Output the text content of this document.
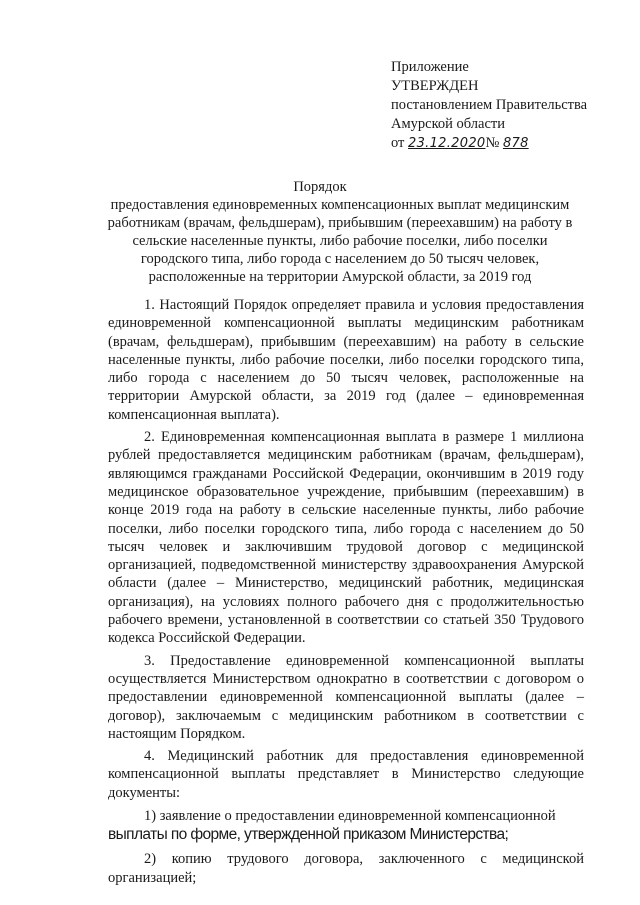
Приложение
УТВЕРЖДЕН
постановлением Правительства
Амурской области
от 23.12.2020№ 878
Порядок
предоставления единовременных компенсационных выплат медицинским работникам (врачам, фельдшерам), прибывшим (переехавшим) на работу в сельские населенные пункты, либо рабочие поселки, либо поселки городского типа, либо города с населением до 50 тысяч человек, расположенные на территории Амурской области, за 2019 год

1. Настоящий Порядок определяет правила и условия предоставления единовременной компенсационной выплаты медицинским работникам (врачам, фельдшерам), прибывшим (переехавшим) на работу в сельские населенные пункты, либо рабочие поселки, либо поселки городского типа, либо города с населением до 50 тысяч человек, расположенные на территории Амурской области, за 2019 год (далее – единовременная компенсационная выплата).

2. Единовременная компенсационная выплата в размере 1 миллиона рублей предоставляется медицинским работникам (врачам, фельдшерам), являющимся гражданами Российской Федерации, окончившим в 2019 году медицинское образовательное учреждение, прибывшим (переехавшим) в конце 2019 года на работу в сельские населенные пункты, либо рабочие поселки, либо поселки городского типа, либо города с населением до 50 тысяч человек и заключившим трудовой договор с медицинской организацией, подведомственной министерству здравоохранения Амурской области (далее – Министерство, медицинский работник, медицинская организация), на условиях полного рабочего дня с продолжительностью рабочего времени, установленной в соответствии со статьей 350 Трудового кодекса Российской Федерации.

3. Предоставление единовременной компенсационной выплаты осуществляется Министерством однократно в соответствии с договором о предоставлении единовременной компенсационной выплаты (далее – договор), заключаемым с медицинским работником в соответствии с настоящим Порядком.

4. Медицинский работник для предоставления единовременной компенсационной выплаты представляет в Министерство следующие документы:

1) заявление о предоставлении единовременной компенсационной

выплаты по форме, утвержденной приказом Министерства;

2) копию трудового договора, заключенного с медицинской организацией;
